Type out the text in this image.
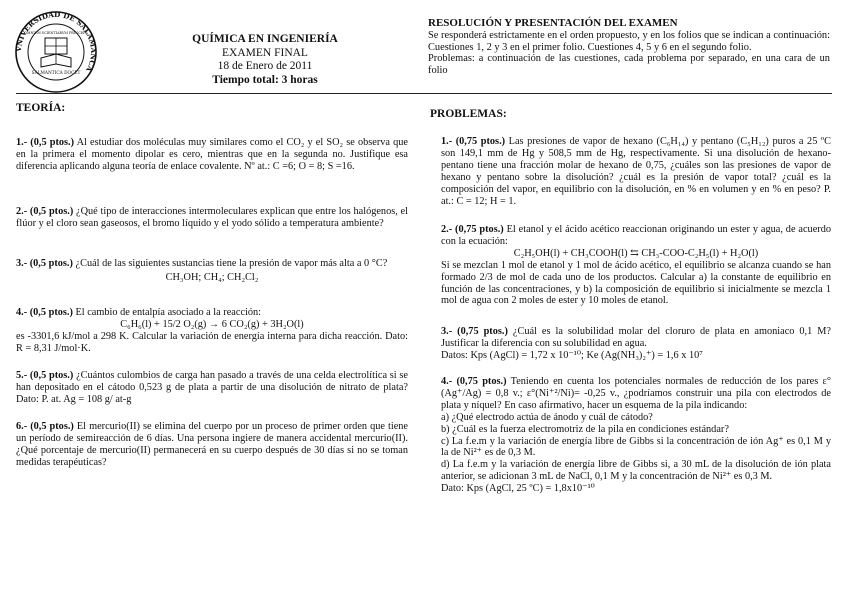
VNIVERSIDAD DE SALAMANCA
SALMANTICA DOCET
OMNIVM SCIENTIARVM PRINCEPS	QUÍMICA EN INGENIERÍA
EXAMEN FINAL
18 de Enero de 2011
Tiempo total: 3 horas
RESOLUCIÓN Y PRESENTACIÓN DEL EXAMEN
Se responderá estrictamente en el orden propuesto, y en los folios que se indican a continuación: Cuestiones 1, 2 y 3 en el primer folio. Cuestiones 4, 5 y 6 en el segundo folio.
Problemas: a continuación de las cuestiones, cada problema por separado, en una cara de un folio
TEORÍA:
1.- (0,5 ptos.) Al estudiar dos moléculas muy similares como el CO₂ y el SO₂ se observa que en la primera el momento dipolar es cero, mientras que en la segunda no. Justifique esa diferencia aplicando alguna teoría de enlace covalente. Nº at.: C =6; O = 8; S =16.
2.- (0,5 ptos.) ¿Qué tipo de interacciones intermoleculares explican que entre los halógenos, el flúor y el cloro sean gaseosos, el bromo líquido y el yodo sólido a temperatura ambiente?
3.- (0,5 ptos.) ¿Cuál de las siguientes sustancias tiene la presión de vapor más alta a 0 °C?
CH₃OH; CH₄; CH₂Cl₂
4.- (0,5 ptos.) El cambio de entalpía asociado a la reacción:
C₆H₆(l) + 15/2 O₂(g) → 6 CO₂(g) + 3H₂O(l)
es -3301,6 kJ/mol a 298 K. Calcular la variación de energía interna para dicha reacción. Dato: R = 8,31 J/mol·K.
5.- (0,5 ptos.) ¿Cuántos culombios de carga han pasado a través de una celda electrolítica si se han depositado en el cátodo 0,523 g de plata a partir de una disolución de nitrato de plata? Dato: P. at. Ag = 108 g/ at-g
6.- (0,5 ptos.) El mercurio(II) se elimina del cuerpo por un proceso de primer orden que tiene un período de semireacción de 6 días. Una persona ingiere de manera accidental mercurio(II). ¿Qué porcentaje de mercurio(II) permanecerá en su cuerpo después de 30 días si no se toman medidas terapéuticas?
PROBLEMAS:
1.- (0,75 ptos.) Las presiones de vapor de hexano (C₆H₁₄) y pentano (C₅H₁₂) puros a 25 ºC son 149,1 mm de Hg y 508,5 mm de Hg, respectivamente. Si una disolución de hexano-pentano tiene una fracción molar de hexano de 0,75, ¿cuáles son las presiones de vapor de hexano y pentano sobre la disolución? ¿cuál es la presión de vapor total? ¿cuál es la composición del vapor, en equilibrio con la disolución, en % en volumen y en % en peso? P. at.: C = 12; H = 1.
2.- (0,75 ptos.) El etanol y el ácido acético reaccionan originando un ester y agua, de acuerdo con la ecuación:
C₂H₅OH(l) + CH₃COOH(l) ⇆ CH₃-COO-C₂H₅(l) + H₂O(l)
Si se mezclan 1 mol de etanol y 1 mol de ácido acético, el equilibrio se alcanza cuando se han formado 2/3 de mol de cada uno de los productos. Calcular a) la constante de equilibrio en función de las concentraciones, y b) la composición de equilibrio si inicialmente se mezcla 1 mol de agua con 2 moles de ester y 10 moles de etanol.
3.- (0,75 ptos.) ¿Cuál es la solubilidad molar del cloruro de plata en amoniaco 0,1 M? Justificar la diferencia con su solubilidad en agua.
Datos: Kps (AgCl) = 1,72 x 10⁻¹⁰; Ke (Ag(NH₃)₂⁺) = 1,6 x 10⁷
4.- (0,75 ptos.) Teniendo en cuenta los potenciales normales de reducción de los pares ε°(Ag⁺/Ag) = 0,8 v.; ε°(Ni⁺²/Ni)= -0,25 v., ¿podríamos construir una pila con electrodos de plata y níquel? En caso afirmativo, hacer un esquema de la pila indicando:
a) ¿Qué electrodo actúa de ánodo y cuál de cátodo?
b) ¿Cuál es la fuerza electromotriz de la pila en condiciones estándar?
c) La f.e.m y la variación de energía libre de Gibbs si la concentración de ión Ag⁺ es 0,1 M y la de Ni²⁺ es de 0,3 M.
d) La f.e.m y la variación de energía libre de Gibbs si, a 30 mL de la disolución de ión plata anterior, se adicionan 3 mL de NaCl, 0,1 M y la concentración de Ni²⁺ es 0,3 M.
Dato: Kps (AgCl, 25 ºC) = 1,8x10⁻¹⁰
